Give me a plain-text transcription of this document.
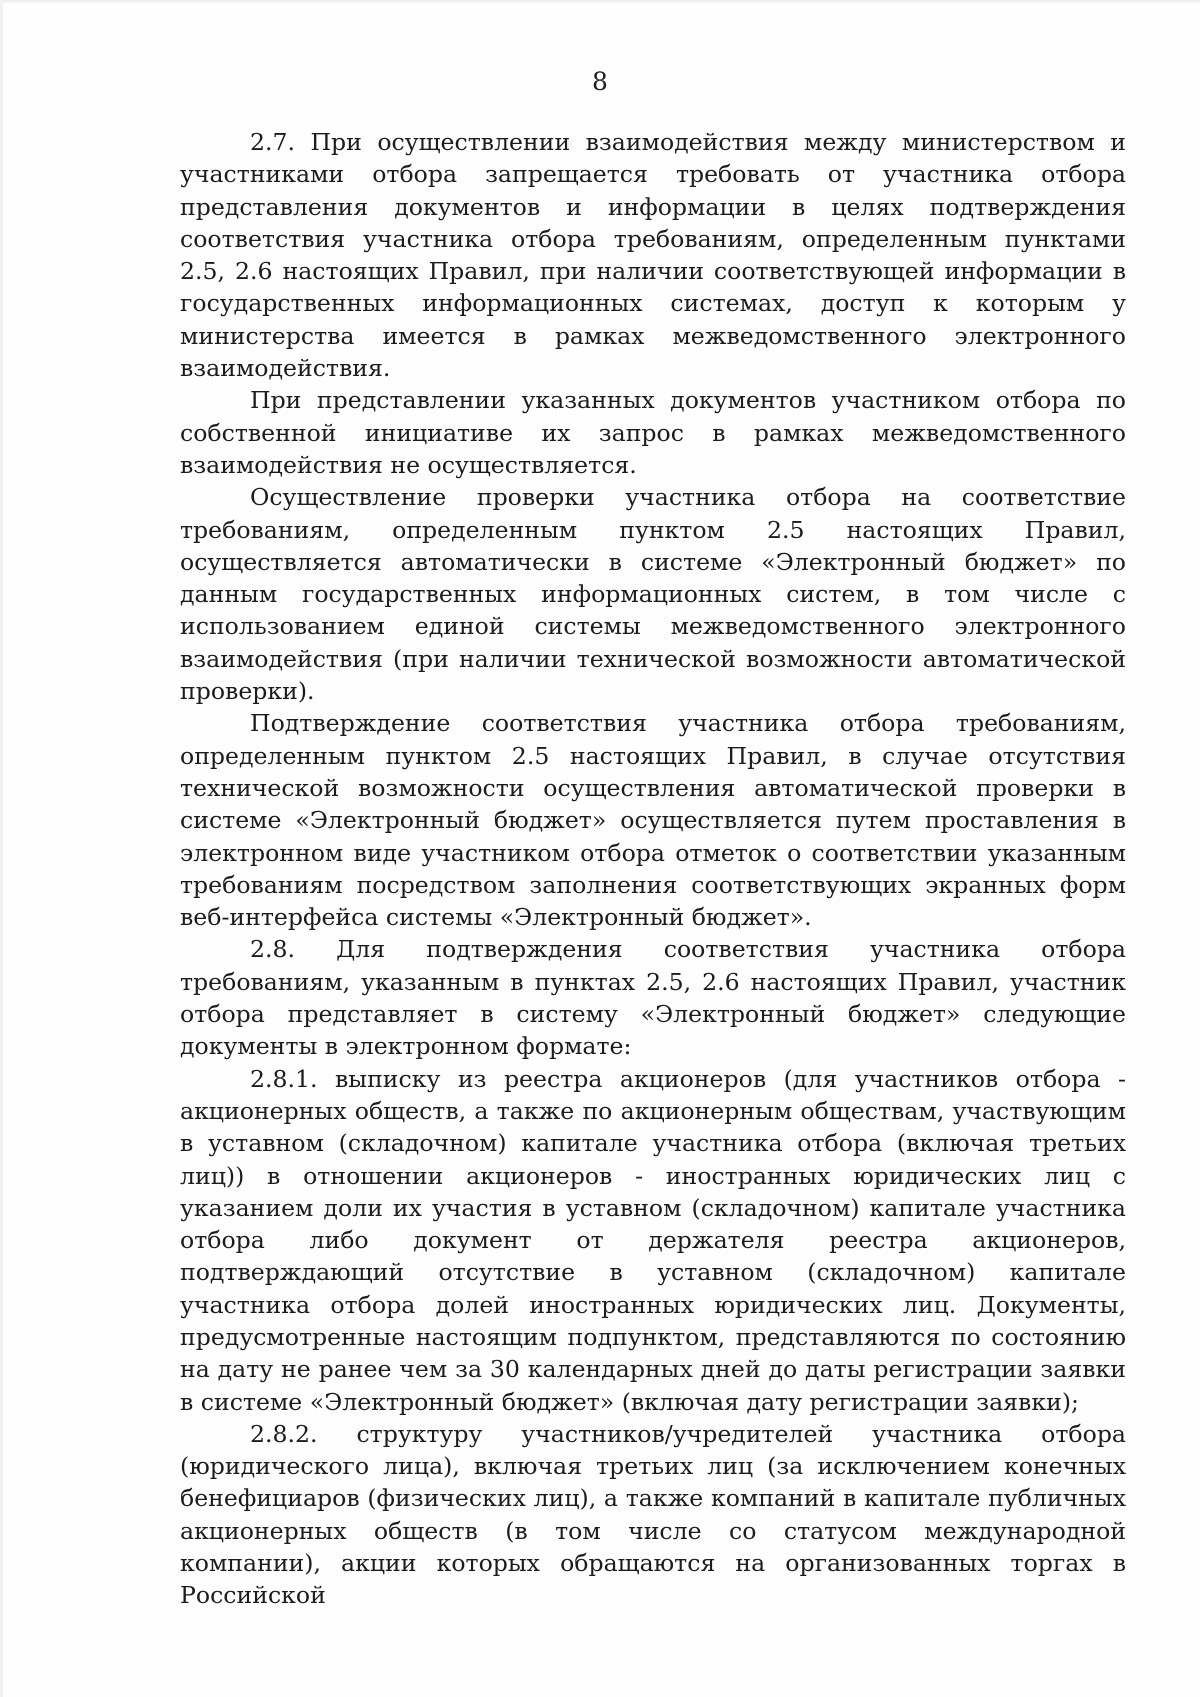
8

2.7. При осуществлении взаимодействия между министерством и участниками отбора запрещается требовать от участника отбора представления документов и информации в целях подтверждения соответствия участника отбора требованиям, определенным пунктами 2.5, 2.6 настоящих Правил, при наличии соответствующей информации в государственных информационных системах, доступ к которым у министерства имеется в рамках межведомственного электронного взаимодействия.

При представлении указанных документов участником отбора по собственной инициативе их запрос в рамках межведомственного взаимодействия не осуществляется.

Осуществление проверки участника отбора на соответствие требованиям, определенным пунктом 2.5 настоящих Правил, осуществляется автоматически в системе «Электронный бюджет» по данным государственных информационных систем, в том числе с использованием единой системы межведомственного электронного взаимодействия (при наличии технической возможности автоматической проверки).

Подтверждение соответствия участника отбора требованиям, определенным пунктом 2.5 настоящих Правил, в случае отсутствия технической возможности осуществления автоматической проверки в системе «Электронный бюджет» осуществляется путем проставления в электронном виде участником отбора отметок о соответствии указанным требованиям посредством заполнения соответствующих экранных форм веб-интерфейса системы «Электронный бюджет».

2.8. Для подтверждения соответствия участника отбора требованиям, указанным в пунктах 2.5, 2.6 настоящих Правил, участник отбора представляет в систему «Электронный бюджет» следующие документы в электронном формате:

2.8.1. выписку из реестра акционеров (для участников отбора - акционерных обществ, а также по акционерным обществам, участвующим в уставном (складочном) капитале участника отбора (включая третьих лиц)) в отношении акционеров - иностранных юридических лиц с указанием доли их участия в уставном (складочном) капитале участника отбора либо документ от держателя реестра акционеров, подтверждающий отсутствие в уставном (складочном) капитале участника отбора долей иностранных юридических лиц. Документы, предусмотренные настоящим подпунктом, представляются по состоянию на дату не ранее чем за 30 календарных дней до даты регистрации заявки в системе «Электронный бюджет» (включая дату регистрации заявки);

2.8.2. структуру участников/учредителей участника отбора (юридического лица), включая третьих лиц (за исключением конечных бенефициаров (физических лиц), а также компаний в капитале публичных акционерных обществ (в том числе со статусом международной компании), акции которых обращаются на организованных торгах в Российской
